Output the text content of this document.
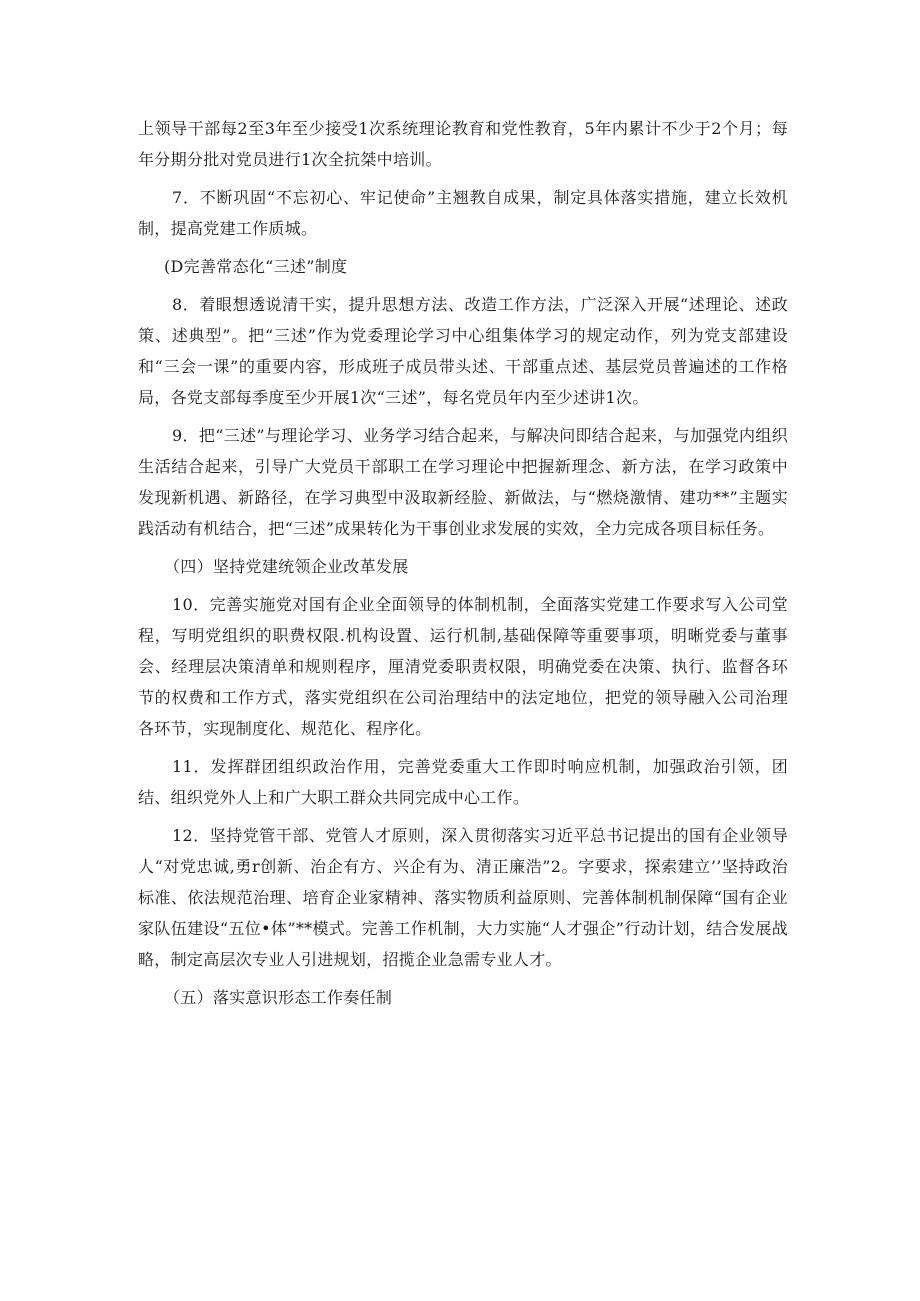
上领导干部每2至3年至少接受1次系统理论教育和党性教育，5年内累计不少于2个月；每年分期分批对党员进行1次全抗桀中培训。

7．不断巩固“不忘初心、牢记使命”主翘教自成果，制定具体落实措施，建立长效机制，提高党建工作质城。

(D完善常态化“三述”制度

8．着眼想透说清干实，提升思想方法、改造工作方法，广泛深入开展“述理论、述政策、述典型”。把“三述”作为党委理论学习中心组集体学习的规定动作，列为党支部建设和“三会一课”的重要内容，形成班子成员带头述、干部重点述、基层党员普遍述的工作格局，各党支部每季度至少开展1次“三述”，每名党员年内至少述讲1次。

9．把“三述”与理论学习、业务学习结合起来，与解决问即结合起来，与加强党内组织生活结合起来，引导广大党员干部职工在学习理论中把握新理念、新方法，在学习政策中发现新机遇、新路径，在学习典型中汲取新经脸、新做法，与“燃烧激情、建功**”主题实践活动有机结合，把“三述”成果转化为干事创业求发展的实效，全力完成各项目标任务。

（四）坚持党建统领企业改革发展

10．完善实施党对国有企业全面领导的体制机制，全面落实党建工作要求写入公司堂程，写明党组织的职费权限.机构设置、运行机制,基础保障等重要事项，明晰党委与董事会、经理层决策清单和规则程序，厘清党委职责权限，明确党委在决策、执行、监督各环节的权费和工作方式，落实党组织在公司治理结中的法定地位，把党的领导融入公司治理各环节，实现制度化、规范化、程序化。

11．发挥群团组织政治作用，完善党委重大工作即时响应机制，加强政治引领，团结、组织党外人上和广大职工群众共同完成中心工作。

12．坚持党管干部、党管人才原则，深入贯彻落实习近平总书记提出的国有企业领导人“对党忠诚,勇r创新、治企有方、兴企有为、清正廉浩”2。字要求，探索建立’’坚持政治标准、依法规范治理、培育企业家精神、落实物质利益原则、完善体制机制保障“国有企业家队伍建设“五位•体”**模式。完善工作机制，大力实施“人才强企”行动计划，结合发展战略，制定高层次专业人引进规划，招揽企业急需专业人才。

（五）落实意识形态工作奏任制
